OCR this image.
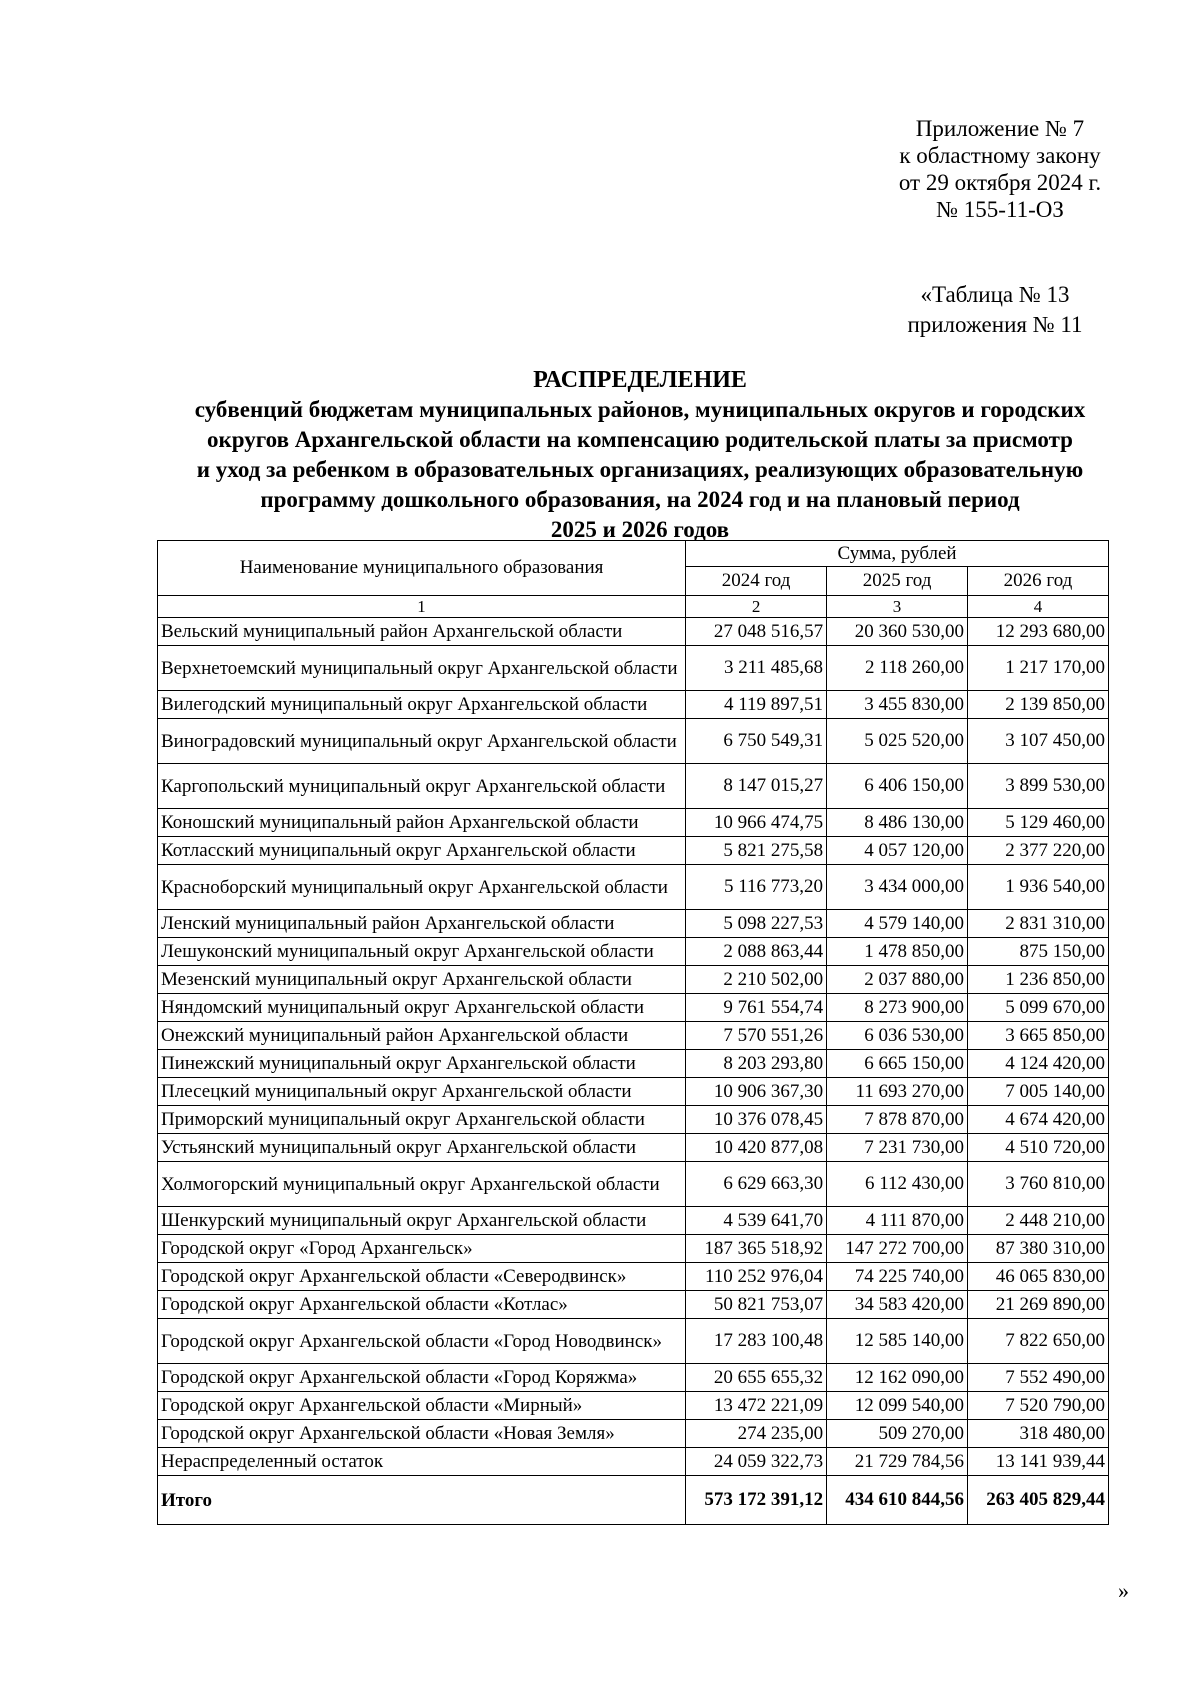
Приложение № 7
к областному закону
от 29 октября 2024 г.
№ 155-11-ОЗ
«Таблица № 13
приложения № 11
РАСПРЕДЕЛЕНИЕ
субвенций бюджетам муниципальных районов, муниципальных округов и городских
округов Архангельской области на компенсацию родительской платы за присмотр
и уход за ребенком в образовательных организациях, реализующих образовательную
программу дошкольного образования, на 2024 год и на плановый период
2025 и 2026 годов
Наименование муниципального образования	Сумма, рублей		
	2024 год	2025 год	2026 год
1	2	3	4
Вельский муниципальный район Архангельской области	27 048 516,57	20 360 530,00	12 293 680,00
Верхнетоемский муниципальный округ Архангельской области	3 211 485,68	2 118 260,00	1 217 170,00
Вилегодский муниципальный округ Архангельской области	4 119 897,51	3 455 830,00	2 139 850,00
Виноградовский муниципальный округ Архангельской области	6 750 549,31	5 025 520,00	3 107 450,00
Каргопольский муниципальный округ Архангельской области	8 147 015,27	6 406 150,00	3 899 530,00
Коношский муниципальный район Архангельской области	10 966 474,75	8 486 130,00	5 129 460,00
Котласский муниципальный округ Архангельской области	5 821 275,58	4 057 120,00	2 377 220,00
Красноборский муниципальный округ Архангельской области	5 116 773,20	3 434 000,00	1 936 540,00
Ленский муниципальный район Архангельской области	5 098 227,53	4 579 140,00	2 831 310,00
Лешуконский муниципальный округ Архангельской области	2 088 863,44	1 478 850,00	875 150,00
Мезенский муниципальный округ Архангельской области	2 210 502,00	2 037 880,00	1 236 850,00
Няндомский муниципальный округ Архангельской области	9 761 554,74	8 273 900,00	5 099 670,00
Онежский муниципальный район Архангельской области	7 570 551,26	6 036 530,00	3 665 850,00
Пинежский муниципальный округ Архангельской области	8 203 293,80	6 665 150,00	4 124 420,00
Плесецкий муниципальный округ Архангельской области	10 906 367,30	11 693 270,00	7 005 140,00
Приморский муниципальный округ Архангельской области	10 376 078,45	7 878 870,00	4 674 420,00
Устьянский муниципальный округ Архангельской области	10 420 877,08	7 231 730,00	4 510 720,00
Холмогорский муниципальный округ Архангельской области	6 629 663,30	6 112 430,00	3 760 810,00
Шенкурский муниципальный округ Архангельской области	4 539 641,70	4 111 870,00	2 448 210,00
Городской округ «Город Архангельск»	187 365 518,92	147 272 700,00	87 380 310,00
Городской округ Архангельской области «Северодвинск»	110 252 976,04	74 225 740,00	46 065 830,00
Городской округ Архангельской области «Котлас»	50 821 753,07	34 583 420,00	21 269 890,00
Городской округ Архангельской области «Город Новодвинск»	17 283 100,48	12 585 140,00	7 822 650,00
Городской округ Архангельской области «Город Коряжма»	20 655 655,32	12 162 090,00	7 552 490,00
Городской округ Архангельской области «Мирный»	13 472 221,09	12 099 540,00	7 520 790,00
Городской округ Архангельской области «Новая Земля»	274 235,00	509 270,00	318 480,00
Нераспределенный остаток	24 059 322,73	21 729 784,56	13 141 939,44
Итого	573 172 391,12	434 610 844,56	263 405 829,44
»
